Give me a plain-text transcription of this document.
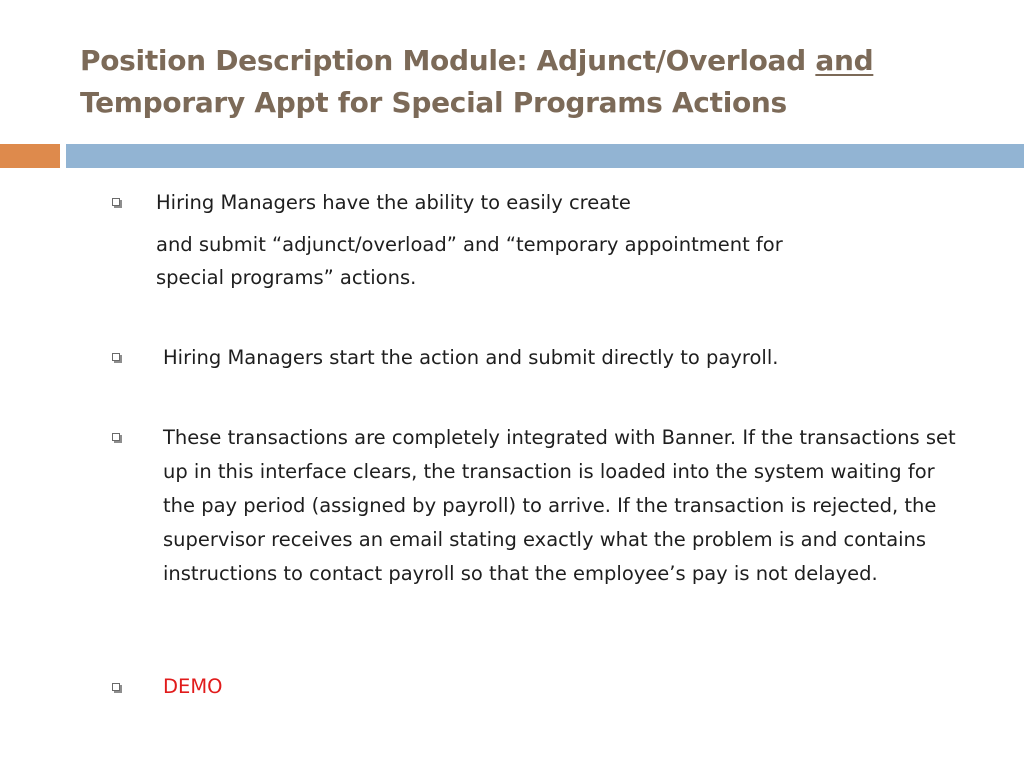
Position Description Module: Adjunct/Overload and
Temporary Appt for Special Programs Actions

Hiring Managers have the ability to easily create

and submit “adjunct/overload” and “temporary appointment for

special programs” actions.

Hiring Managers start the action and submit directly to payroll.

These transactions are completely integrated with Banner. If the transactions set up in this interface clears, the transaction is loaded into the system waiting for the pay period (assigned by payroll) to arrive. If the transaction is rejected, the supervisor receives an email stating exactly what the problem is and contains instructions to contact payroll so that the employee’s pay is not delayed.

DEMO
